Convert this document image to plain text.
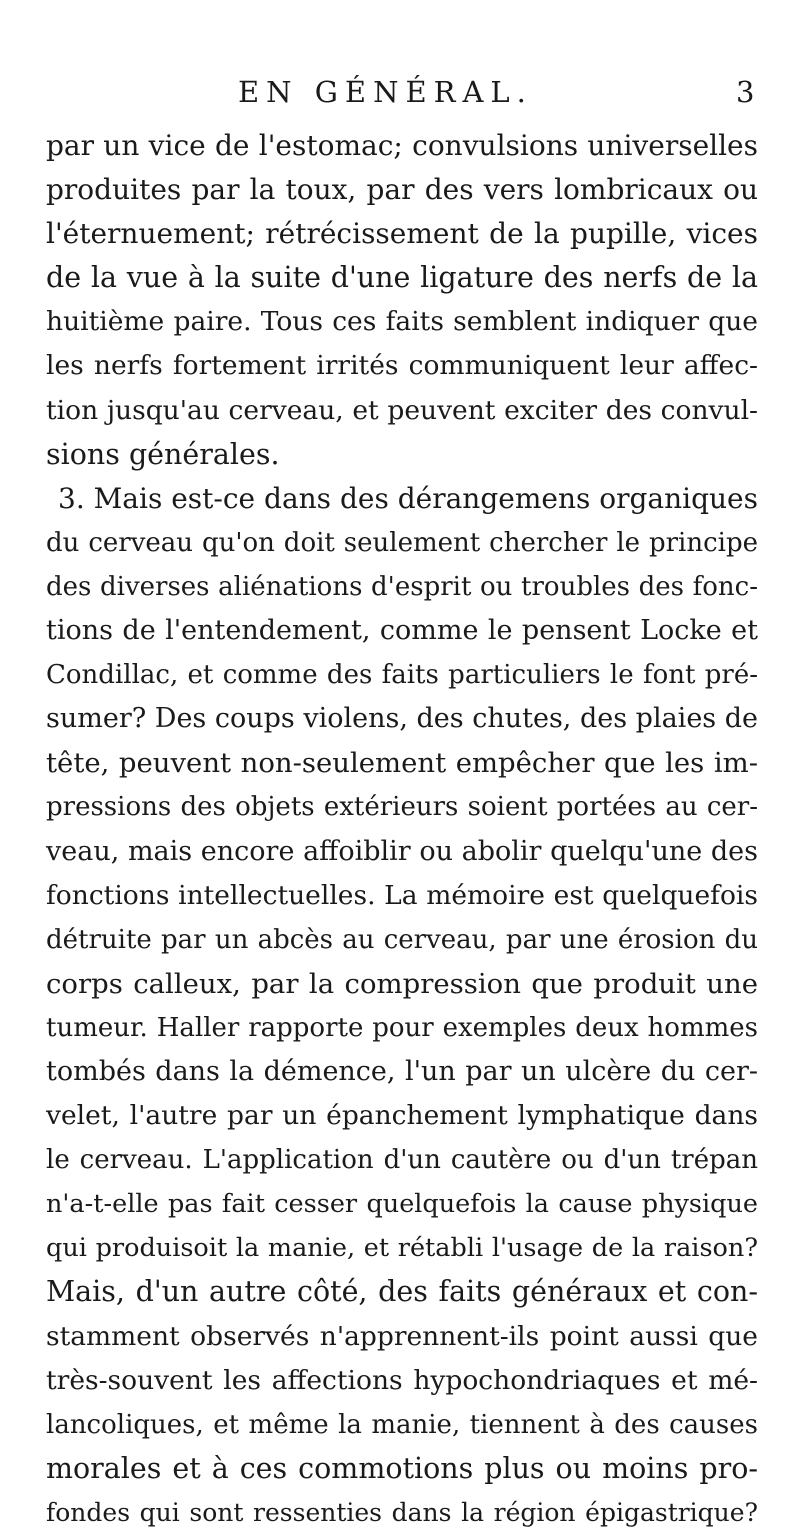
EN GÉNÉRAL.	3
par un vice de l'estomac; convulsions universelles
produites par la toux, par des vers lombricaux ou
l'éternuement; rétrécissement de la pupille, vices
de la vue à la suite d'une ligature des nerfs de la
huitième paire. Tous ces faits semblent indiquer que
les nerfs fortement irrités communiquent leur affec-
tion jusqu'au cerveau, et peuvent exciter des convul-
sions générales.
3. Mais est-ce dans des dérangemens organiques
du cerveau qu'on doit seulement chercher le principe
des diverses aliénations d'esprit ou troubles des fonc-
tions de l'entendement, comme le pensent Locke et
Condillac, et comme des faits particuliers le font pré-
sumer? Des coups violens, des chutes, des plaies de
tête, peuvent non-seulement empêcher que les im-
pressions des objets extérieurs soient portées au cer-
veau, mais encore affoiblir ou abolir quelqu'une des
fonctions intellectuelles. La mémoire est quelquefois
détruite par un abcès au cerveau, par une érosion du
corps calleux, par la compression que produit une
tumeur. Haller rapporte pour exemples deux hommes
tombés dans la démence, l'un par un ulcère du cer-
velet, l'autre par un épanchement lymphatique dans
le cerveau. L'application d'un cautère ou d'un trépan
n'a-t-elle pas fait cesser quelquefois la cause physique
qui produisoit la manie, et rétabli l'usage de la raison?
Mais, d'un autre côté, des faits généraux et con-
stamment observés n'apprennent-ils point aussi que
très-souvent les affections hypochondriaques et mé-
lancoliques, et même la manie, tiennent à des causes
morales et à ces commotions plus ou moins pro-
fondes qui sont ressenties dans la région épigastrique?
